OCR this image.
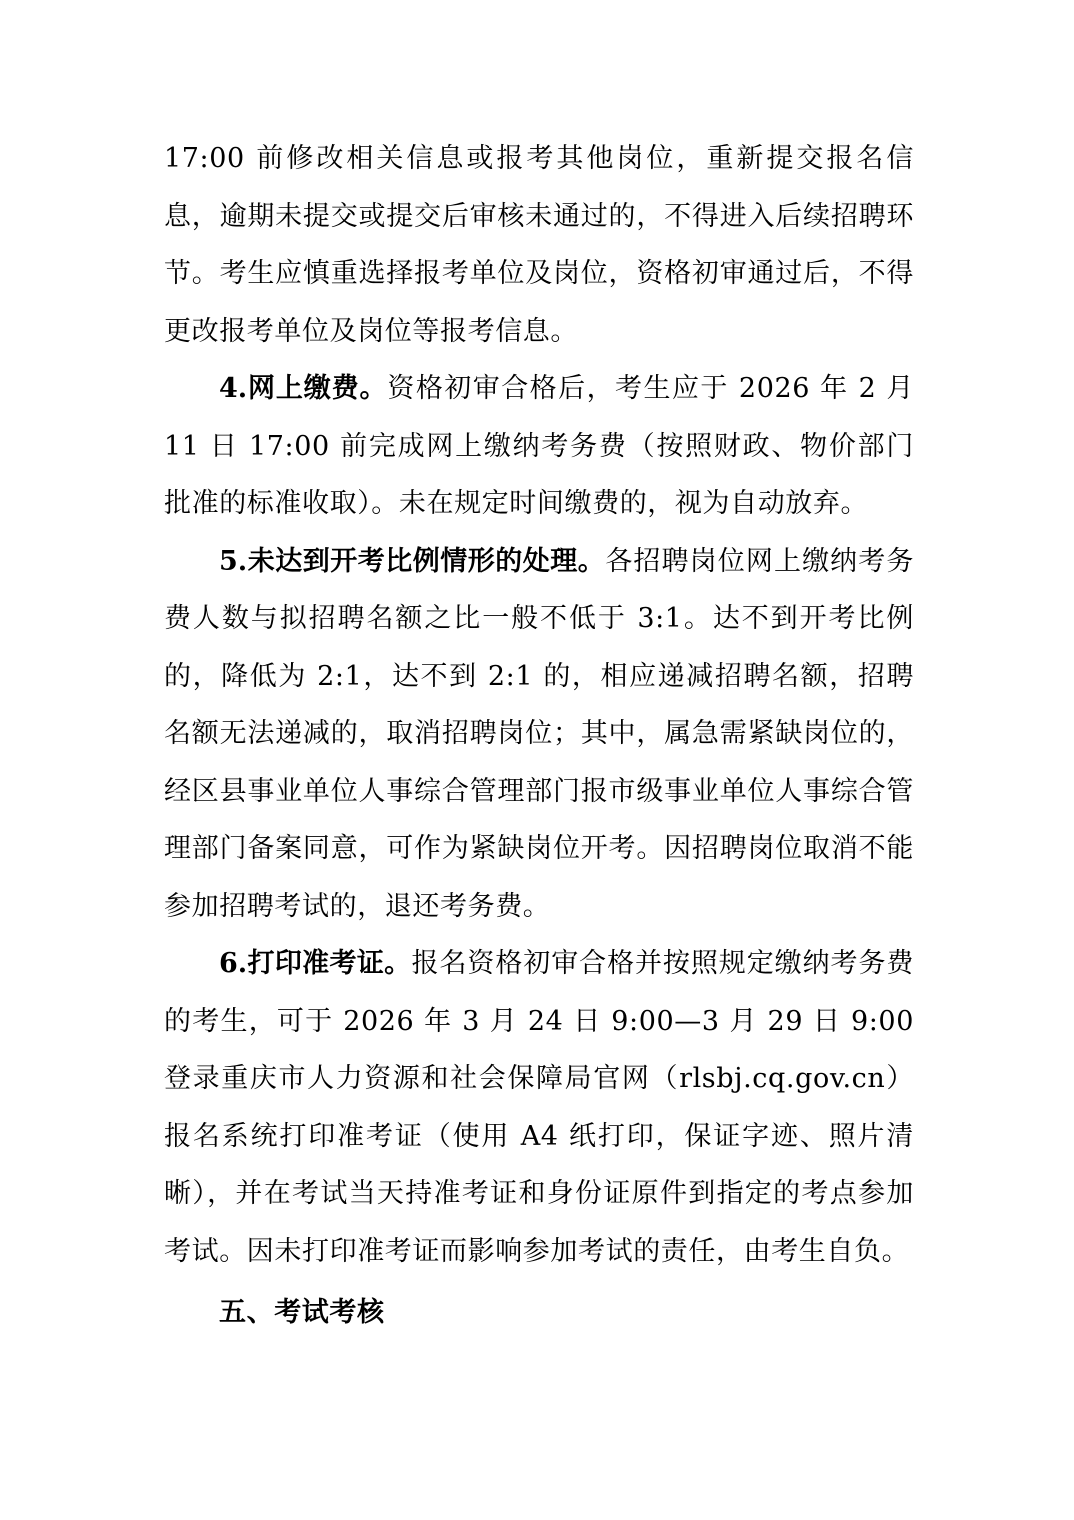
17:00 前修改相关信息或报考其他岗位，重新提交报名信息，逾期未提交或提交后审核未通过的，不得进入后续招聘环节。考生应慎重选择报考单位及岗位，资格初审通过后，不得更改报考单位及岗位等报考信息。

4.网上缴费。资格初审合格后，考生应于 2026 年 2 月 11 日 17:00 前完成网上缴纳考务费（按照财政、物价部门批准的标准收取）。未在规定时间缴费的，视为自动放弃。

5.未达到开考比例情形的处理。各招聘岗位网上缴纳考务费人数与拟招聘名额之比一般不低于 3:1。达不到开考比例的，降低为 2:1，达不到 2:1 的，相应递减招聘名额，招聘名额无法递减的，取消招聘岗位；其中，属急需紧缺岗位的，经区县事业单位人事综合管理部门报市级事业单位人事综合管理部门备案同意，可作为紧缺岗位开考。因招聘岗位取消不能参加招聘考试的，退还考务费。

6.打印准考证。报名资格初审合格并按照规定缴纳考务费的考生，可于 2026 年 3 月 24 日 9:00—3 月 29 日 9:00 登录重庆市人力资源和社会保障局官网（rlsbj.cq.gov.cn）报名系统打印准考证（使用 A4 纸打印，保证字迹、照片清晰），并在考试当天持准考证和身份证原件到指定的考点参加考试。因未打印准考证而影响参加考试的责任，由考生自负。

五、考试考核
